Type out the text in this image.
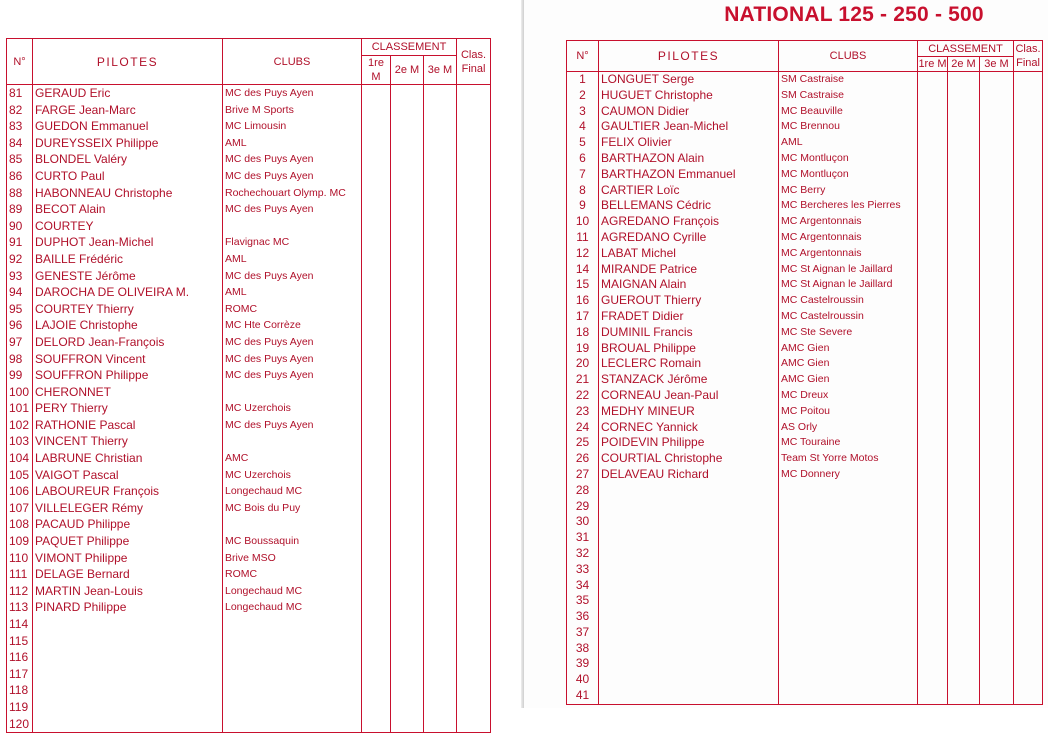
N°	PILOTES	CLUBS	CLASSEMENT			Clas.
Final
			1re M	2e M	3e M	
81	GERAUD Eric	MC des Puys Ayen				
82	FARGE Jean-Marc	Brive M Sports				
83	GUEDON Emmanuel	MC Limousin				
84	DUREYSSEIX Philippe	AML				
85	BLONDEL Valéry	MC des Puys Ayen				
86	CURTO Paul	MC des Puys Ayen				
88	HABONNEAU Christophe	Rochechouart Olymp. MC				
89	BECOT Alain	MC des Puys Ayen				
90	COURTEY					
91	DUPHOT Jean-Michel	Flavignac MC				
92	BAILLE Frédéric	AML				
93	GENESTE Jérôme	MC des Puys Ayen				
94	DAROCHA DE OLIVEIRA M.	AML				
95	COURTEY Thierry	ROMC				
96	LAJOIE Christophe	MC Hte Corrèze				
97	DELORD Jean-François	MC des Puys Ayen				
98	SOUFFRON Vincent	MC des Puys Ayen				
99	SOUFFRON Philippe	MC des Puys Ayen				
100	CHERONNET					
101	PERY Thierry	MC Uzerchois				
102	RATHONIE Pascal	MC des Puys Ayen				
103	VINCENT Thierry					
104	LABRUNE Christian	AMC				
105	VAIGOT Pascal	MC Uzerchois				
106	LABOUREUR François	Longechaud MC				
107	VILLELEGER Rémy	MC Bois du Puy				
108	PACAUD Philippe					
109	PAQUET Philippe	MC Boussaquin				
110	VIMONT Philippe	Brive MSO				
111	DELAGE Bernard	ROMC				
112	MARTIN Jean-Louis	Longechaud MC				
113	PINARD Philippe	Longechaud MC				
114						
115						
116						
117						
118						
119						
120						
NATIONAL 125 - 250 - 500
N°	PILOTES	CLUBS	CLASSEMENT			Clas.
Final
			1re M	2e M	3e M	
1	LONGUET Serge	SM Castraise				
2	HUGUET Christophe	SM Castraise				
3	CAUMON Didier	MC Beauville				
4	GAULTIER Jean-Michel	MC Brennou				
5	FELIX Olivier	AML				
6	BARTHAZON Alain	MC Montluçon				
7	BARTHAZON Emmanuel	MC Montluçon				
8	CARTIER Loïc	MC Berry				
9	BELLEMANS Cédric	MC Bercheres les Pierres				
10	AGREDANO François	MC Argentonnais				
11	AGREDANO Cyrille	MC Argentonnais				
12	LABAT Michel	MC Argentonnais				
14	MIRANDE Patrice	MC St Aignan le Jaillard				
15	MAIGNAN Alain	MC St Aignan le Jaillard				
16	GUEROUT Thierry	MC Castelroussin				
17	FRADET Didier	MC Castelroussin				
18	DUMINIL Francis	MC Ste Severe				
19	BROUAL Philippe	AMC Gien				
20	LECLERC Romain	AMC Gien				
21	STANZACK Jérôme	AMC Gien				
22	CORNEAU Jean-Paul	MC Dreux				
23	MEDHY MINEUR	MC Poitou				
24	CORNEC Yannick	AS Orly				
25	POIDEVIN Philippe	MC Touraine				
26	COURTIAL Christophe	Team St Yorre Motos				
27	DELAVEAU Richard	MC Donnery				
28						
29						
30						
31						
32						
33						
34						
35						
36						
37						
38						
39						
40						
41						
